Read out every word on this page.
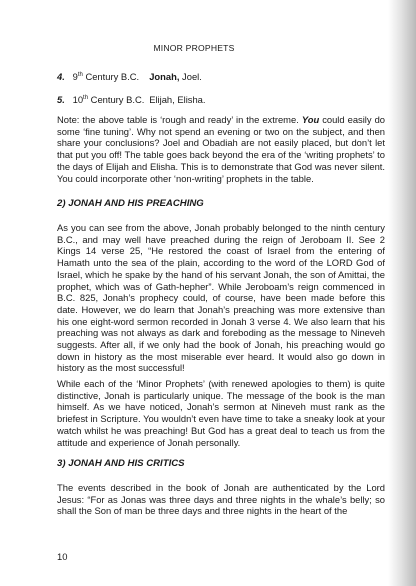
MINOR PROPHETS
4. 9th Century B.C. Jonah, Joel.
5. 10th Century B.C. Elijah, Elisha.
Note: the above table is ‘rough and ready’ in the extreme. You could easily do some ‘fine tuning’. Why not spend an evening or two on the subject, and then share your conclusions? Joel and Obadiah are not easily placed, but don’t let that put you off! The table goes back beyond the era of the ‘writing prophets’ to the days of Elijah and Elisha. This is to demonstrate that God was never silent. You could incorporate other ‘non-writing’ prophets in the table.
2) JONAH AND HIS PREACHING
As you can see from the above, Jonah probably belonged to the ninth century B.C., and may well have preached during the reign of Jeroboam II. See 2 Kings 14 verse 25, “He restored the coast of Israel from the entering of Hamath unto the sea of the plain, according to the word of the LORD God of Israel, which he spake by the hand of his servant Jonah, the son of Amittai, the prophet, which was of Gath-hepher”. While Jeroboam’s reign commenced in B.C. 825, Jonah’s prophecy could, of course, have been made before this date. However, we do learn that Jonah’s preaching was more extensive than his one eight-word sermon recorded in Jonah 3 verse 4. We also learn that his preaching was not always as dark and foreboding as the message to Nineveh suggests. After all, if we only had the book of Jonah, his preaching would go down in history as the most miserable ever heard. It would also go down in history as the most successful!
While each of the ‘Minor Prophets’ (with renewed apologies to them) is quite distinctive, Jonah is particularly unique. The message of the book is the man himself. As we have noticed, Jonah’s sermon at Nineveh must rank as the briefest in Scripture. You wouldn’t even have time to take a sneaky look at your watch whilst he was preaching! But God has a great deal to teach us from the attitude and experience of Jonah personally.
3) JONAH AND HIS CRITICS
The events described in the book of Jonah are authenticated by the Lord Jesus: “For as Jonas was three days and three nights in the whale’s belly; so shall the Son of man be three days and three nights in the heart of the
10
